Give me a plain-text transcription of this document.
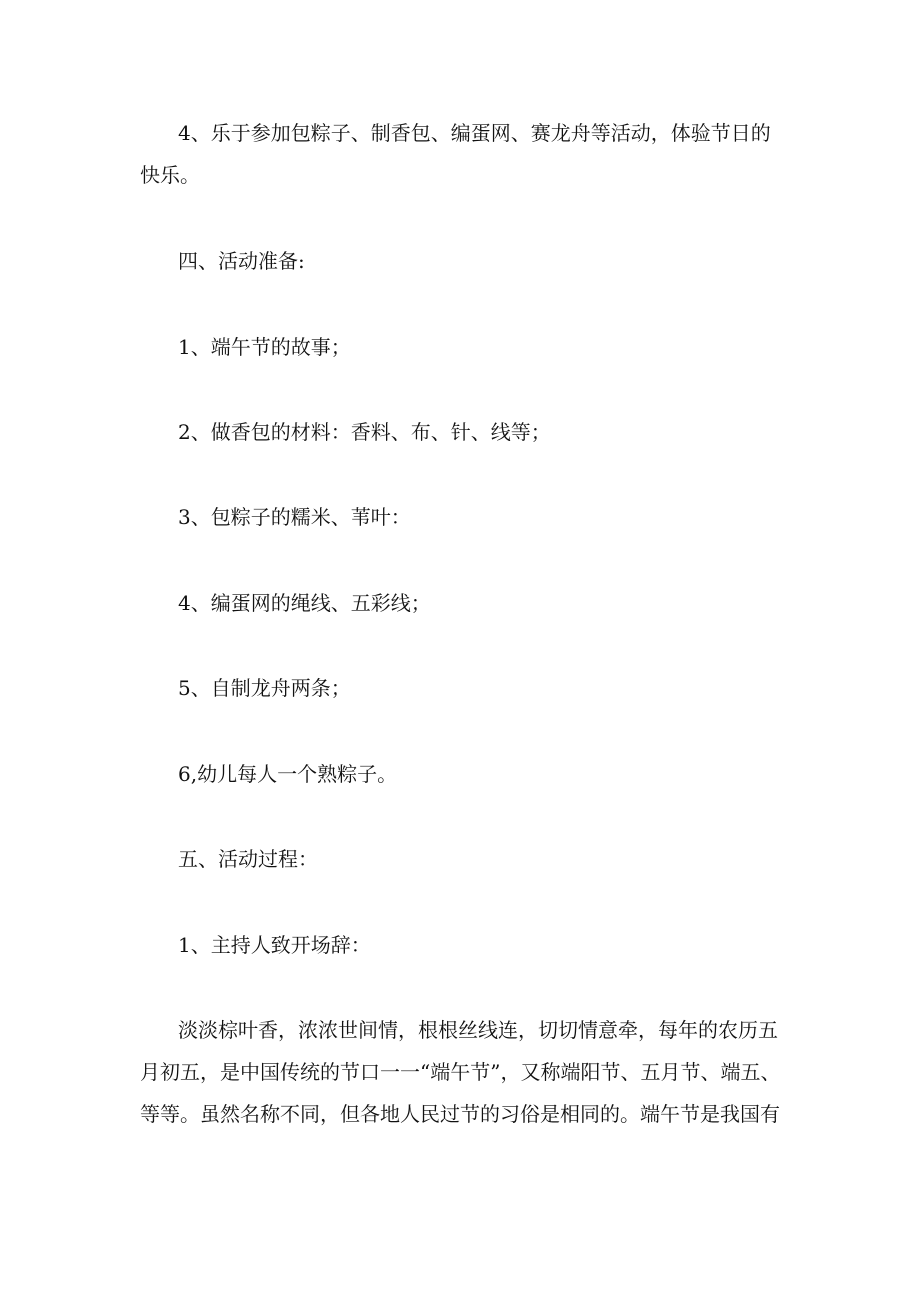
4、乐于参加包粽子、制香包、编蛋网、赛龙舟等活动，体验节日的
快乐。

四、活动准备:

1、端午节的故事；

2、做香包的材料：香料、布、针、线等；

3、包粽子的糯米、苇叶：

4、编蛋网的绳线、五彩线；

5、自制龙舟两条；

6,幼儿每人一个熟粽子。

五、活动过程：

1、主持人致开场辞：

淡淡棕叶香，浓浓世间情，根根丝线连，切切情意牵，每年的农历五
月初五，是中国传统的节口一一“端午节”，又称端阳节、五月节、端五、
等等。虽然名称不同，但各地人民过节的习俗是相同的。端午节是我国有
